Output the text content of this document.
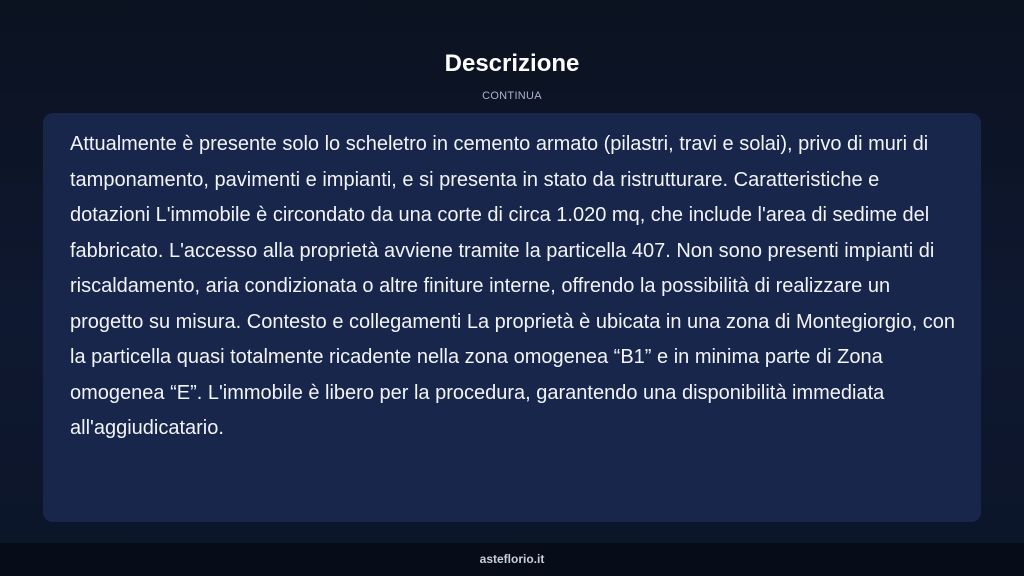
Descrizione
CONTINUA

Attualmente è presente solo lo scheletro in cemento armato (pilastri, travi e solai), privo di muri di tamponamento, pavimenti e impianti, e si presenta in stato da ristrutturare. Caratteristiche e dotazioni L'immobile è circondato da una corte di circa 1.020 mq, che include l'area di sedime del fabbricato. L'accesso alla proprietà avviene tramite la particella 407. Non sono presenti impianti di riscaldamento, aria condizionata o altre finiture interne, offrendo la possibilità di realizzare un progetto su misura. Contesto e collegamenti La proprietà è ubicata in una zona di Montegiorgio, con la particella quasi totalmente ricadente nella zona omogenea “B1” e in minima parte di Zona omogenea “E”. L'immobile è libero per la procedura, garantendo una disponibilità immediata all'aggiudicatario.

asteflorio.it
